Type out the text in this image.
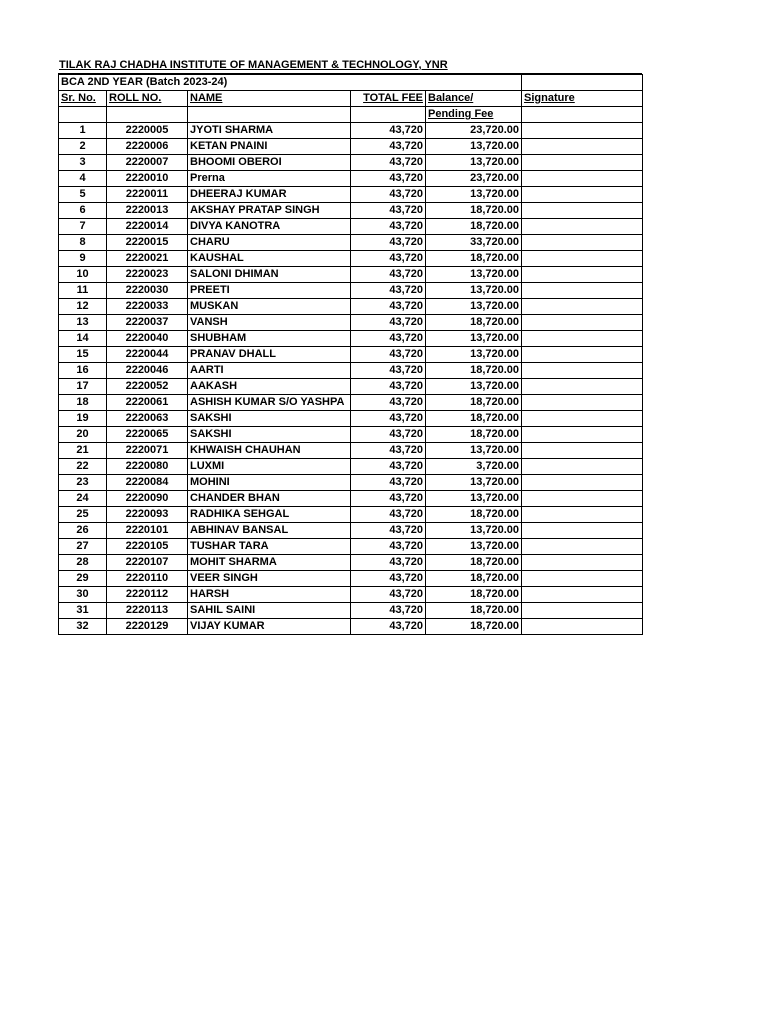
TILAK RAJ CHADHA INSTITUTE OF MANAGEMENT & TECHNOLOGY, YNR
BCA 2ND YEAR (Batch 2023-24)					
Sr. No.	ROLL NO.	NAME	TOTAL FEE	Balance/	Signature
				Pending Fee	
1	2220005	JYOTI SHARMA	43,720	23,720.00	
2	2220006	KETAN PNAINI	43,720	13,720.00	
3	2220007	BHOOMI OBEROI	43,720	13,720.00	
4	2220010	Prerna	43,720	23,720.00	
5	2220011	DHEERAJ KUMAR	43,720	13,720.00	
6	2220013	AKSHAY PRATAP SINGH	43,720	18,720.00	
7	2220014	DIVYA KANOTRA	43,720	18,720.00	
8	2220015	CHARU	43,720	33,720.00	
9	2220021	KAUSHAL	43,720	18,720.00	
10	2220023	SALONI DHIMAN	43,720	13,720.00	
11	2220030	PREETI	43,720	13,720.00	
12	2220033	MUSKAN	43,720	13,720.00	
13	2220037	VANSH	43,720	18,720.00	
14	2220040	SHUBHAM	43,720	13,720.00	
15	2220044	PRANAV DHALL	43,720	13,720.00	
16	2220046	AARTI	43,720	18,720.00	
17	2220052	AAKASH	43,720	13,720.00	
18	2220061	ASHISH KUMAR S/O YASHPA	43,720	18,720.00	
19	2220063	SAKSHI	43,720	18,720.00	
20	2220065	SAKSHI	43,720	18,720.00	
21	2220071	KHWAISH CHAUHAN	43,720	13,720.00	
22	2220080	LUXMI	43,720	3,720.00	
23	2220084	MOHINI	43,720	13,720.00	
24	2220090	CHANDER BHAN	43,720	13,720.00	
25	2220093	RADHIKA SEHGAL	43,720	18,720.00	
26	2220101	ABHINAV BANSAL	43,720	13,720.00	
27	2220105	TUSHAR TARA	43,720	13,720.00	
28	2220107	MOHIT SHARMA	43,720	18,720.00	
29	2220110	VEER SINGH	43,720	18,720.00	
30	2220112	HARSH	43,720	18,720.00	
31	2220113	SAHIL SAINI	43,720	18,720.00	
32	2220129	VIJAY KUMAR	43,720	18,720.00	
